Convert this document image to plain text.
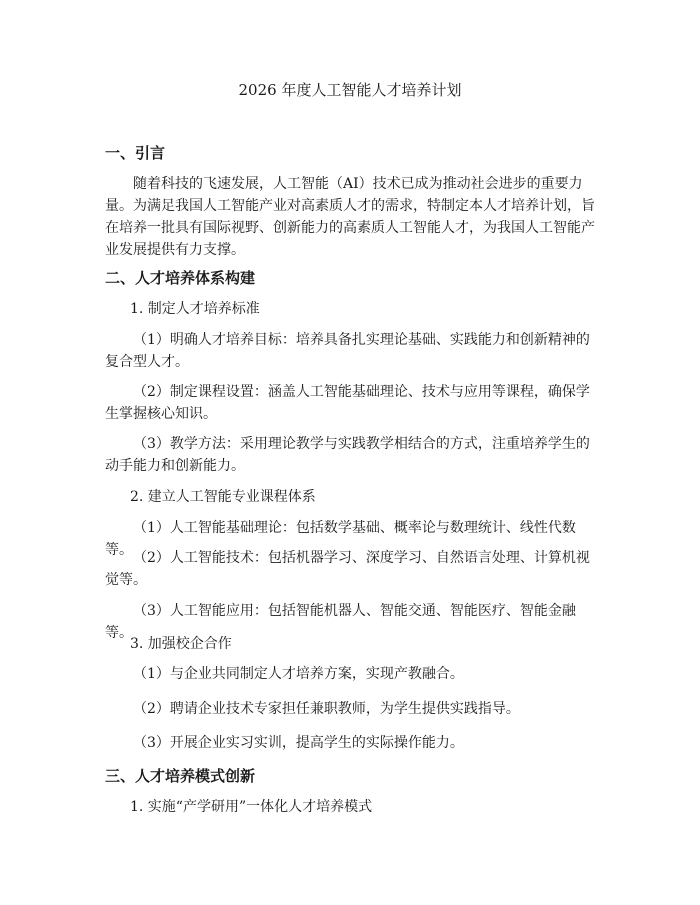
2026 年度人工智能人才培养计划
一、引言

随着科技的飞速发展，人工智能（AI）技术已成为推动社会进步的重要力量。为满足我国人工智能产业对高素质人才的需求，特制定本人才培养计划，旨在培养一批具有国际视野、创新能力的高素质人工智能人才，为我国人工智能产业发展提供有力支撑。

二、人才培养体系构建
1. 制定人才培养标准

（1）明确人才培养目标：培养具备扎实理论基础、实践能力和创新精神的复合型人才。

（2）制定课程设置：涵盖人工智能基础理论、技术与应用等课程，确保学生掌握核心知识。

（3）教学方法：采用理论教学与实践教学相结合的方式，注重培养学生的动手能力和创新能力。

2. 建立人工智能专业课程体系

（1）人工智能基础理论：包括数学基础、概率论与数理统计、线性代数等。 （2）人工智能技术：包括机器学习、深度学习、自然语言处理、计算机视觉等。

（3）人工智能应用：包括智能机器人、智能交通、智能医疗、智能金融等。

3. 加强校企合作

（1）与企业共同制定人才培养方案，实现产教融合。

（2）聘请企业技术专家担任兼职教师，为学生提供实践指导。

（3）开展企业实习实训，提高学生的实际操作能力。

三、人才培养模式创新
1. 实施“产学研用”一体化人才培养模式
